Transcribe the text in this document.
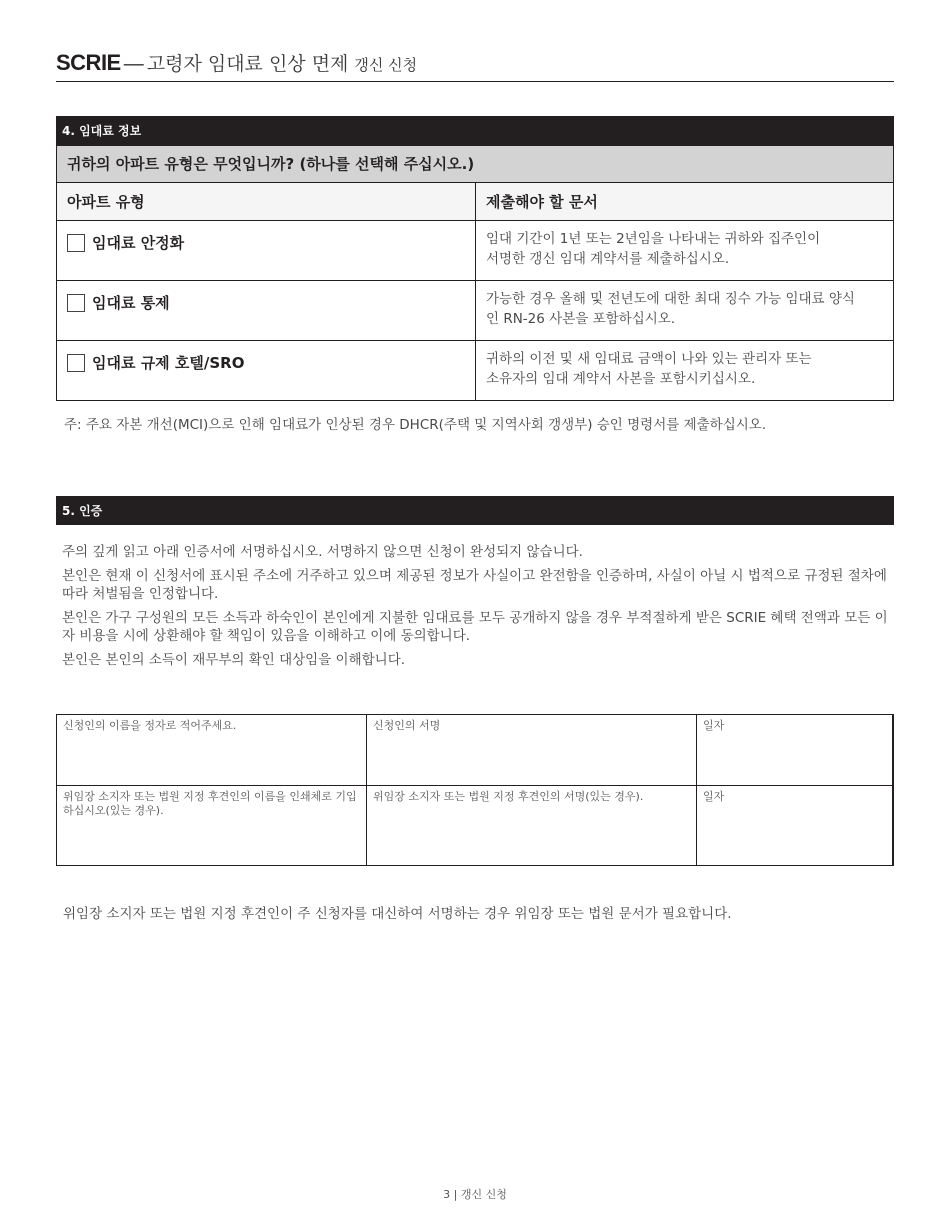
SCRIE — 고령자 임대료 인상 면제 갱신 신청
4. 임대료 정보
귀하의 아파트 유형은 무엇입니까? (하나를 선택해 주십시오.)	
아파트 유형	제출해야 할 문서

임대료 안정화	임대 기간이 1년 또는 2년임을 나타내는 귀하와 집주인이
서명한 갱신 임대 계약서를 제출하십시오.

임대료 통제	가능한 경우 올해 및 전년도에 대한 최대 징수 가능 임대료 양식
인 RN-26 사본을 포함하십시오.

임대료 규제 호텔/SRO	귀하의 이전 및 새 임대료 금액이 나와 있는 관리자 또는
소유자의 임대 계약서 사본을 포함시키십시오.
주: 주요 자본 개선(MCI)으로 인해 임대료가 인상된 경우 DHCR(주택 및 지역사회 갱생부) 승인 명령서를 제출하십시오.
5. 인증

주의 깊게 읽고 아래 인증서에 서명하십시오. 서명하지 않으면 신청이 완성되지 않습니다.

본인은 현재 이 신청서에 표시된 주소에 거주하고 있으며 제공된 정보가 사실이고 완전함을 인증하며, 사실이 아닐 시 법적으로 규정된 절차에 따라 처벌됨을 인정합니다.

본인은 가구 구성원의 모든 소득과 하숙인이 본인에게 지불한 임대료를 모두 공개하지 않을 경우 부적절하게 받은 SCRIE 혜택 전액과 모든 이자 비용을 시에 상환해야 할 책임이 있음을 이해하고 이에 동의합니다.

본인은 본인의 소득이 재무부의 확인 대상임을 이해합니다.

신청인의 이름을 정자로 적어주세요.	신청인의 서명	일자
위임장 소지자 또는 법원 지정 후견인의 이름을 인쇄체로 기입하십시오(있는 경우).	위임장 소지자 또는 법원 지정 후견인의 서명(있는 경우).	일자
위임장 소지자 또는 법원 지정 후견인이 주 신청자를 대신하여 서명하는 경우 위임장 또는 법원 문서가 필요합니다.
3 | 갱신 신청
